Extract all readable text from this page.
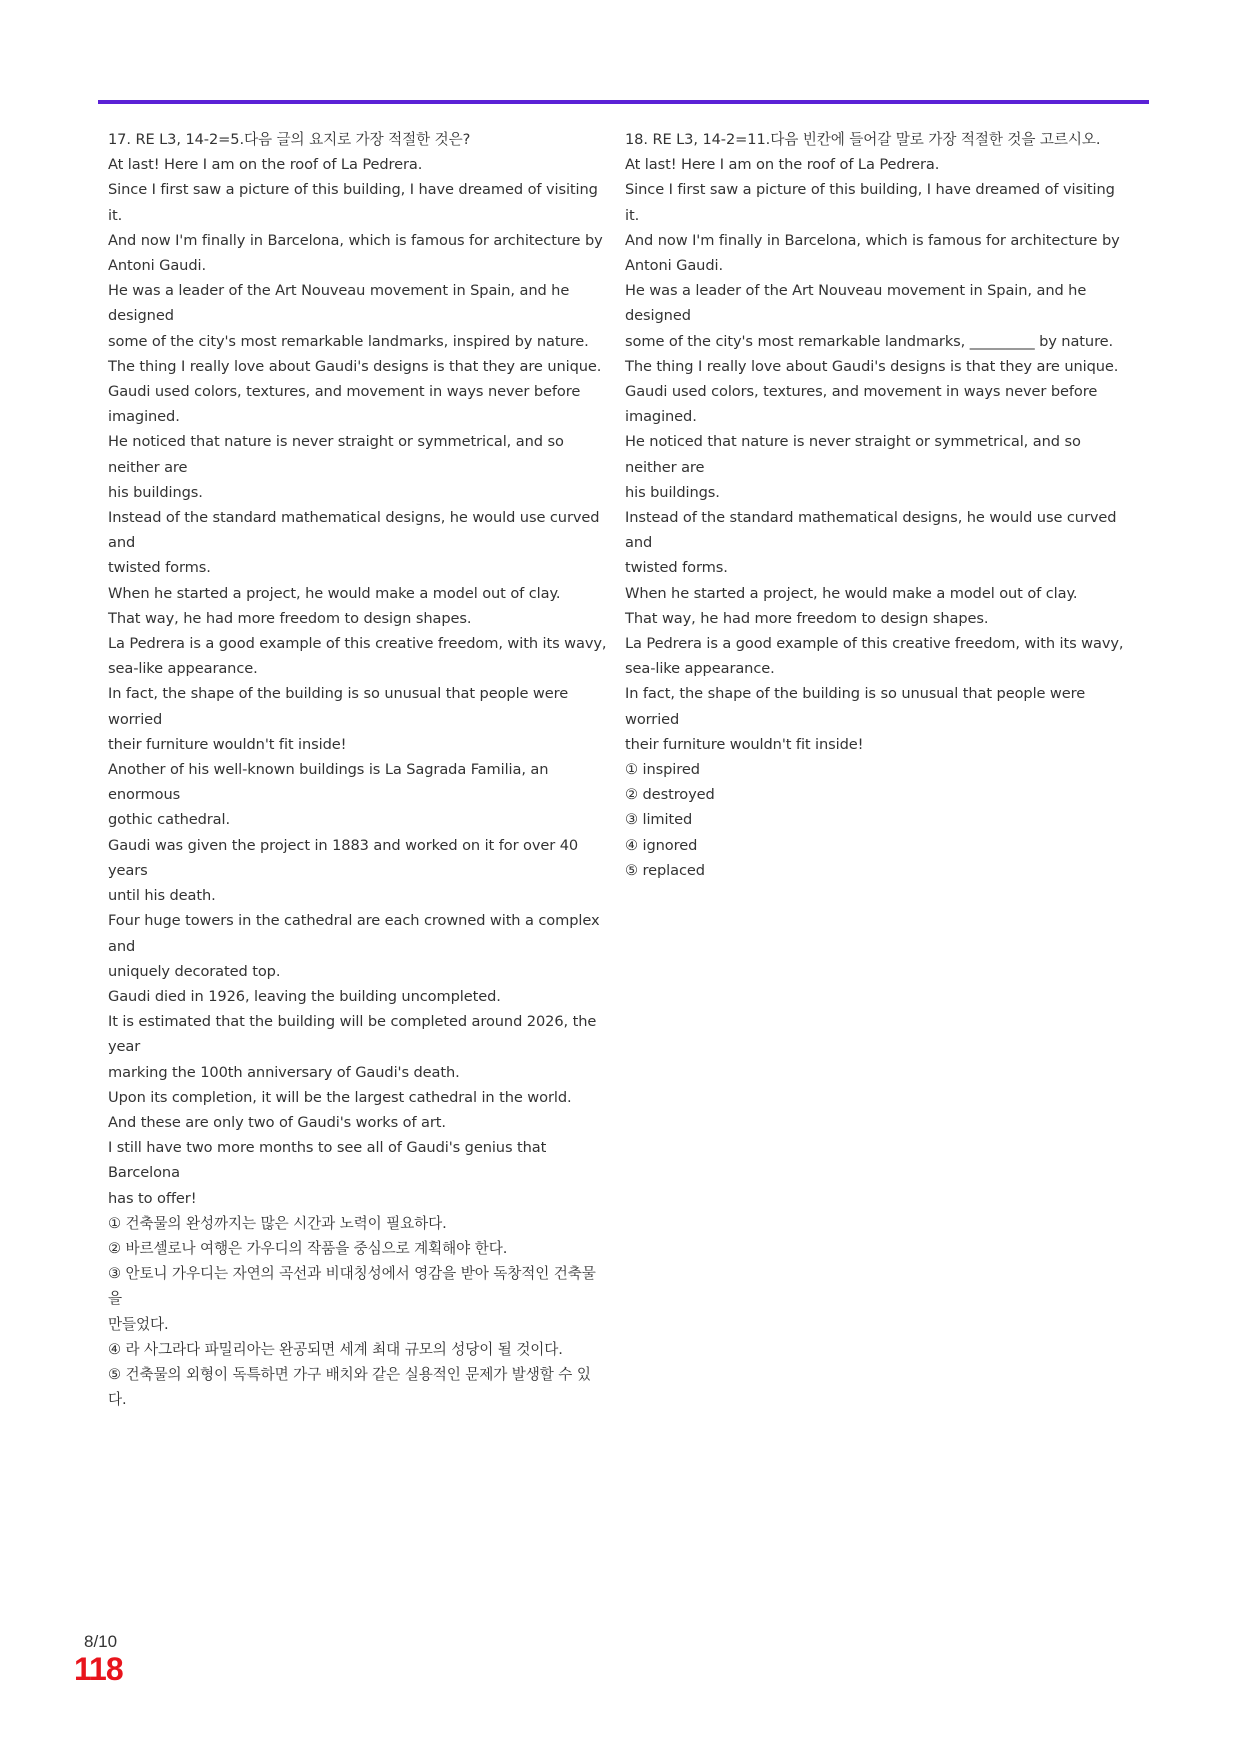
17. RE L3, 14-2=5.다음 글의 요지로 가장 적절한 것은?
At last! Here I am on the roof of La Pedrera.
Since I first saw a picture of this building, I have dreamed of visiting it.
And now I'm finally in Barcelona, which is famous for architecture by
Antoni Gaudi.
He was a leader of the Art Nouveau movement in Spain, and he designed
some of the city's most remarkable landmarks, inspired by nature.
The thing I really love about Gaudi's designs is that they are unique.
Gaudi used colors, textures, and movement in ways never before
imagined.
He noticed that nature is never straight or symmetrical, and so neither are
his buildings.
Instead of the standard mathematical designs, he would use curved and
twisted forms.
When he started a project, he would make a model out of clay.
That way, he had more freedom to design shapes.
La Pedrera is a good example of this creative freedom, with its wavy,
sea-like appearance.
In fact, the shape of the building is so unusual that people were worried
their furniture wouldn't fit inside!
Another of his well-known buildings is La Sagrada Familia, an enormous
gothic cathedral.
Gaudi was given the project in 1883 and worked on it for over 40 years
until his death.
Four huge towers in the cathedral are each crowned with a complex and
uniquely decorated top.
Gaudi died in 1926, leaving the building uncompleted.
It is estimated that the building will be completed around 2026, the year
marking the 100th anniversary of Gaudi's death.
Upon its completion, it will be the largest cathedral in the world.
And these are only two of Gaudi's works of art.
I still have two more months to see all of Gaudi's genius that Barcelona
has to offer!
① 건축물의 완성까지는 많은 시간과 노력이 필요하다.
② 바르셀로나 여행은 가우디의 작품을 중심으로 계획해야 한다.
③ 안토니 가우디는 자연의 곡선과 비대칭성에서 영감을 받아 독창적인 건축물을
만들었다.
④ 라 사그라다 파밀리아는 완공되면 세계 최대 규모의 성당이 될 것이다.
⑤ 건축물의 외형이 독특하면 가구 배치와 같은 실용적인 문제가 발생할 수 있다.
18. RE L3, 14-2=11.다음 빈칸에 들어갈 말로 가장 적절한 것을 고르시오.
At last! Here I am on the roof of La Pedrera.
Since I first saw a picture of this building, I have dreamed of visiting it.
And now I'm finally in Barcelona, which is famous for architecture by
Antoni Gaudi.
He was a leader of the Art Nouveau movement in Spain, and he designed
some of the city's most remarkable landmarks, _________ by nature.
The thing I really love about Gaudi's designs is that they are unique.
Gaudi used colors, textures, and movement in ways never before
imagined.
He noticed that nature is never straight or symmetrical, and so neither are
his buildings.
Instead of the standard mathematical designs, he would use curved and
twisted forms.
When he started a project, he would make a model out of clay.
That way, he had more freedom to design shapes.
La Pedrera is a good example of this creative freedom, with its wavy,
sea-like appearance.
In fact, the shape of the building is so unusual that people were worried
their furniture wouldn't fit inside!
① inspired
② destroyed
③ limited
④ ignored
⑤ replaced
8/10
118
